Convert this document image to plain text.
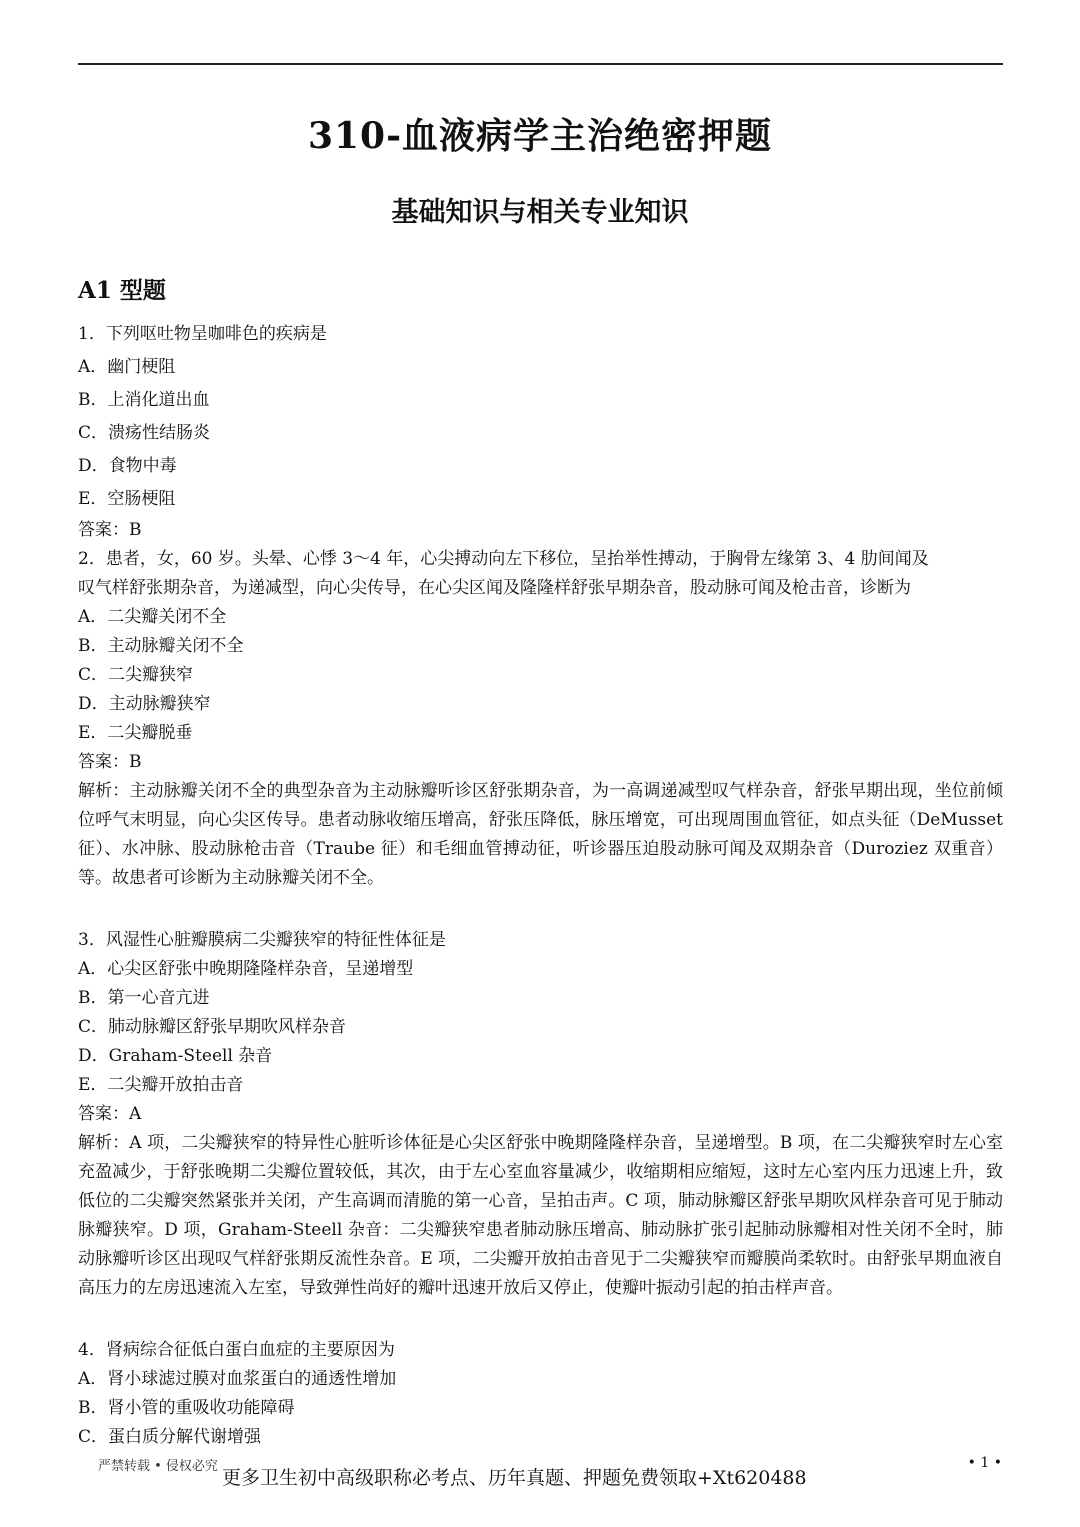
310-血液病学主治绝密押题
基础知识与相关专业知识
A1 型题
1．下列呕吐物呈咖啡色的疾病是
A．幽门梗阻
B．上消化道出血
C．溃疡性结肠炎
D．食物中毒
E．空肠梗阻
答案：B
2．患者，女，60 岁。头晕、心悸 3～4 年，心尖搏动向左下移位，呈抬举性搏动，于胸骨左缘第 3、4 肋间闻及
叹气样舒张期杂音，为递减型，向心尖传导，在心尖区闻及隆隆样舒张早期杂音，股动脉可闻及枪击音，诊断为
A．二尖瓣关闭不全
B．主动脉瓣关闭不全
C．二尖瓣狭窄
D．主动脉瓣狭窄
E．二尖瓣脱垂
答案：B
解析：主动脉瓣关闭不全的典型杂音为主动脉瓣听诊区舒张期杂音，为一高调递减型叹气样杂音，舒张早期出现，坐位前倾位呼气末明显，向心尖区传导。患者动脉收缩压增高，舒张压降低，脉压增宽，可出现周围血管征，如点头征（DeMusset 征）、水冲脉、股动脉枪击音（Traube 征）和毛细血管搏动征，听诊器压迫股动脉可闻及双期杂音（Duroziez 双重音）等。故患者可诊断为主动脉瓣关闭不全。
3．风湿性心脏瓣膜病二尖瓣狭窄的特征性体征是
A．心尖区舒张中晚期隆隆样杂音，呈递增型
B．第一心音亢进
C．肺动脉瓣区舒张早期吹风样杂音
D．Graham-Steell 杂音
E．二尖瓣开放拍击音
答案：A
解析：A 项，二尖瓣狭窄的特异性心脏听诊体征是心尖区舒张中晚期隆隆样杂音，呈递增型。B 项，在二尖瓣狭窄时左心室充盈减少，于舒张晚期二尖瓣位置较低，其次，由于左心室血容量减少，收缩期相应缩短，这时左心室内压力迅速上升，致低位的二尖瓣突然紧张并关闭，产生高调而清脆的第一心音，呈拍击声。C 项，肺动脉瓣区舒张早期吹风样杂音可见于肺动脉瓣狭窄。D 项，Graham-Steell 杂音：二尖瓣狭窄患者肺动脉压增高、肺动脉扩张引起肺动脉瓣相对性关闭不全时，肺动脉瓣听诊区出现叹气样舒张期反流性杂音。E 项，二尖瓣开放拍击音见于二尖瓣狭窄而瓣膜尚柔软时。由舒张早期血液自高压力的左房迅速流入左室，导致弹性尚好的瓣叶迅速开放后又停止，使瓣叶振动引起的拍击样声音。
4．肾病综合征低白蛋白血症的主要原因为
A．肾小球滤过膜对血浆蛋白的通透性增加
B．肾小管的重吸收功能障碍
C．蛋白质分解代谢增强
严禁转载 • 侵权必究
更多卫生初中高级职称必考点、历年真题、押题免费领取+Xt620488
• 1 •
